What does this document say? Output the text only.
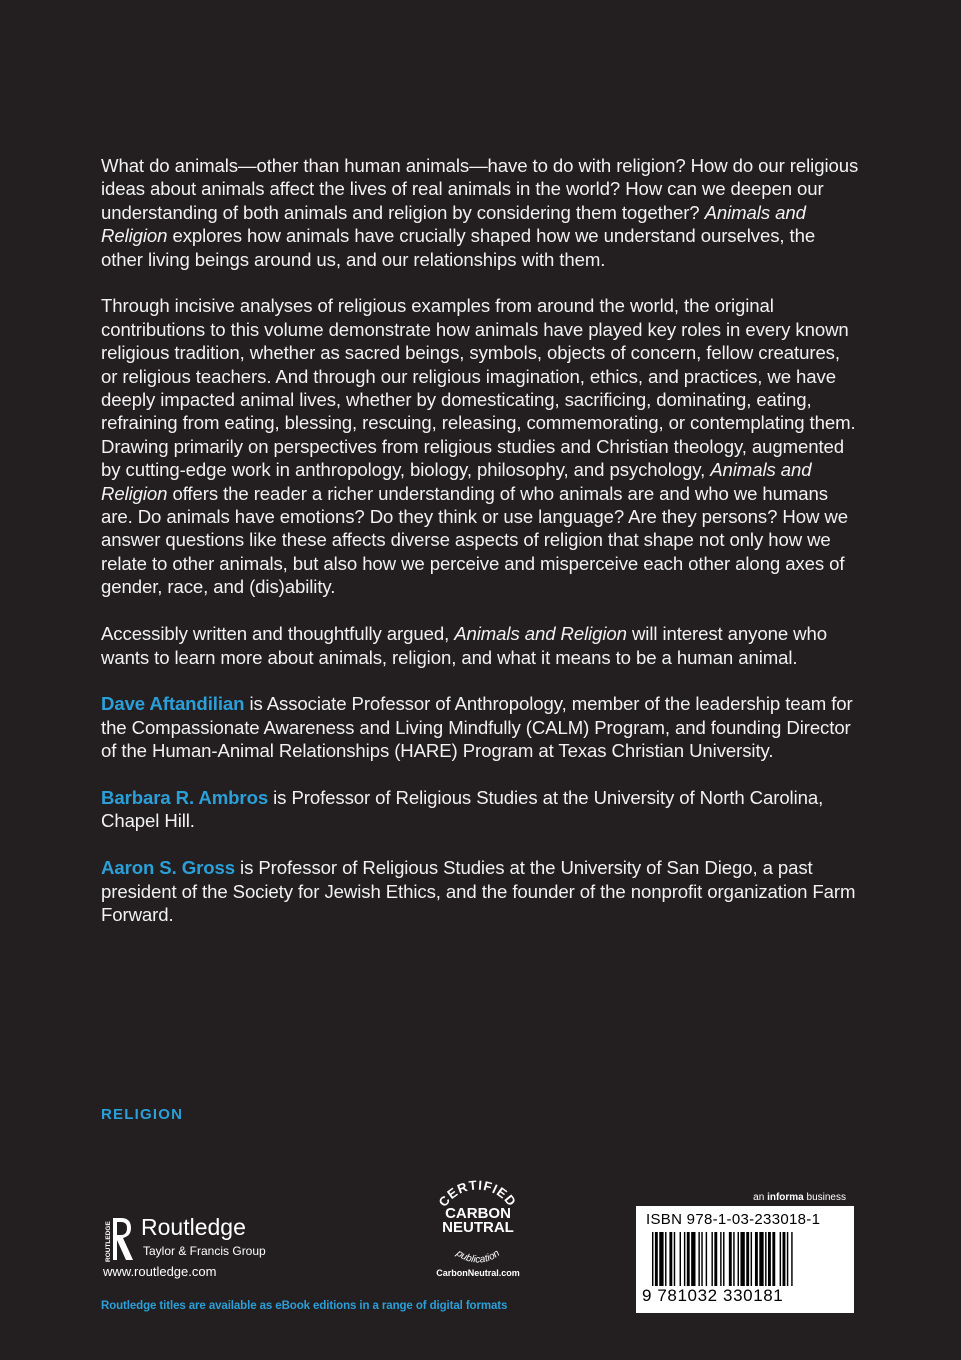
What do animals—other than human animals—have to do with religion? How do our religious ideas about animals affect the lives of real animals in the world? How can we deepen our understanding of both animals and religion by considering them together? Animals and Religion explores how animals have crucially shaped how we understand ourselves, the other living beings around us, and our relationships with them.

Through incisive analyses of religious examples from around the world, the original contributions to this volume demonstrate how animals have played key roles in every known religious tradition, whether as sacred beings, symbols, objects of concern, fellow creatures, or religious teachers. And through our religious imagination, ethics, and practices, we have deeply impacted animal lives, whether by domesticating, sacrificing, dominating, eating, refraining from eating, blessing, rescuing, releasing, commemorating, or contemplating them. Drawing primarily on perspectives from religious studies and Christian theology, augmented by cutting-edge work in anthropology, biology, philosophy, and psychology, Animals and Religion offers the reader a richer understanding of who animals are and who we humans are. Do animals have emotions? Do they think or use language? Are they persons? How we answer questions like these affects diverse aspects of religion that shape not only how we relate to other animals, but also how we perceive and misperceive each other along axes of gender, race, and (dis)ability.

Accessibly written and thoughtfully argued, Animals and Religion will interest anyone who wants to learn more about animals, religion, and what it means to be a human animal.

Dave Aftandilian is Associate Professor of Anthropology, member of the leadership team for the Compassionate Awareness and Living Mindfully (CALM) Program, and founding Director of the Human-Animal Relationships (HARE) Program at Texas Christian University.

Barbara R. Ambros is Professor of Religious Studies at the University of North Carolina, Chapel Hill.

Aaron S. Gross is Professor of Religious Studies at the University of San Diego, a past president of the Society for Jewish Ethics, and the founder of the nonprofit organization Farm Forward.

RELIGION
ROUTLEDGE Routledge
Taylor & Francis Group
www.routledge.com
Routledge titles are available as eBook editions in a range of digital formats
CERTIFIED
CARBON
NEUTRAL
publication
CarbonNeutral.com
an informa business
ISBN 978-1-03-233018-1
9 781032 330181
